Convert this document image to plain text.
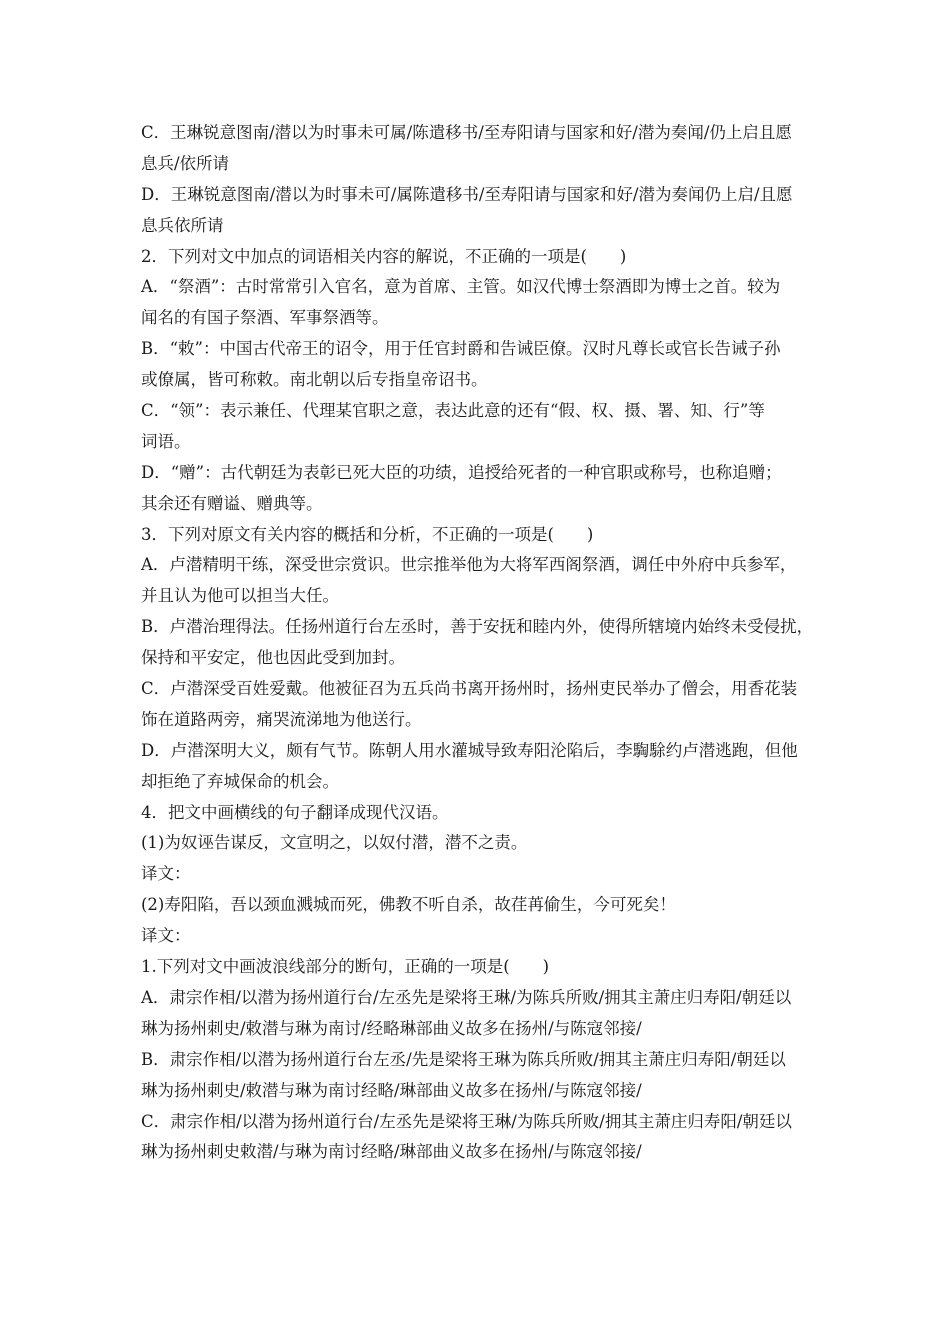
C．王琳锐意图南/潜以为时事未可属/陈遣移书/至寿阳请与国家和好/潜为奏闻/仍上启且愿
息兵/依所请
D．王琳锐意图南/潜以为时事未可/属陈遣移书/至寿阳请与国家和好/潜为奏闻仍上启/且愿
息兵依所请
2．下列对文中加点的词语相关内容的解说，不正确的一项是(　　)
A．“祭酒”：古时常常引入官名，意为首席、主管。如汉代博士祭酒即为博士之首。较为
闻名的有国子祭酒、军事祭酒等。
B．“敕”：中国古代帝王的诏令，用于任官封爵和告诫臣僚。汉时凡尊长或官长告诫子孙
或僚属，皆可称敕。南北朝以后专指皇帝诏书。
C．“领”：表示兼任、代理某官职之意，表达此意的还有“假、权、摄、署、知、行”等
词语。
D．“赠”：古代朝廷为表彰已死大臣的功绩，追授给死者的一种官职或称号，也称追赠；
其余还有赠谥、赠典等。
3．下列对原文有关内容的概括和分析，不正确的一项是(　　)
A．卢潜精明干练，深受世宗赏识。世宗推举他为大将军西阁祭酒，调任中外府中兵参军，
并且认为他可以担当大任。
B．卢潜治理得法。任扬州道行台左丞时，善于安抚和睦内外，使得所辖境内始终未受侵扰，
保持和平安定，他也因此受到加封。
C．卢潜深受百姓爱戴。他被征召为五兵尚书离开扬州时，扬州吏民举办了僧会，用香花装
饰在道路两旁，痛哭流涕地为他送行。
D．卢潜深明大义，颇有气节。陈朝人用水灌城导致寿阳沦陷后，李騊駼约卢潜逃跑，但他
却拒绝了弃城保命的机会。
4．把文中画横线的句子翻译成现代汉语。
(1)为奴诬告谋反，文宣明之，以奴付潜，潜不之责。
译文：
(2)寿阳陷，吾以颈血溅城而死，佛教不听自杀，故荏苒偷生，今可死矣！
译文：
1.下列对文中画波浪线部分的断句，正确的一项是(　　)
A．肃宗作相/以潜为扬州道行台/左丞先是梁将王琳/为陈兵所败/拥其主萧庄归寿阳/朝廷以
琳为扬州刺史/敕潜与琳为南讨/经略琳部曲义故多在扬州/与陈寇邻接/
B．肃宗作相/以潜为扬州道行台左丞/先是梁将王琳为陈兵所败/拥其主萧庄归寿阳/朝廷以
琳为扬州刺史/敕潜与琳为南讨经略/琳部曲义故多在扬州/与陈寇邻接/
C．肃宗作相/以潜为扬州道行台/左丞先是梁将王琳/为陈兵所败/拥其主萧庄归寿阳/朝廷以
琳为扬州刺史敕潜/与琳为南讨经略/琳部曲义故多在扬州/与陈寇邻接/
